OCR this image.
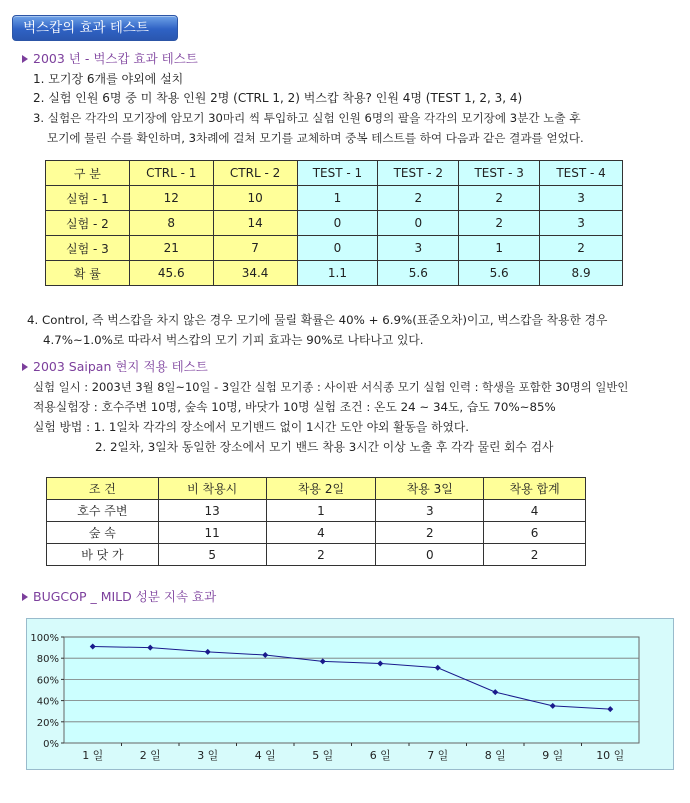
벅스캅의 효과 테스트
2003 년 - 벅스캅 효과 테스트
1. 모기장 6개를 야외에 설치
2. 실험 인원 6명 중 미 착용 인원 2명 (CTRL 1, 2) 벅스캅 착용? 인원 4명 (TEST 1, 2, 3, 4)
3. 실험은 각각의 모기장에 암모기 30마리 씩 투입하고 실험 인원 6명의 팔을 각각의 모기장에 3분간 노출 후
모기에 물린 수를 확인하며, 3차례에 걸쳐 모기를 교체하며 중복 테스트를 하여 다음과 같은 결과를 얻었다.
구 분	CTRL - 1	CTRL - 2	TEST - 1	TEST - 2	TEST - 3	TEST - 4
실험 - 1	12	10	1	2	2	3
실험 - 2	8	14	0	0	2	3
실험 - 3	21	7	0	3	1	2
확 률	45.6	34.4	1.1	5.6	5.6	8.9
4. Control, 즉 벅스캅을 차지 않은 경우 모기에 물릴 확률은 40% + 6.9%(표준오차)이고, 벅스캅을 착용한 경우
4.7%~1.0%로 따라서 벅스캅의 모기 기피 효과는 90%로 나타나고 있다.
2003 Saipan 현지 적용 테스트
실험 일시 : 2003년 3월 8일~10일 - 3일간 실험 모기종 : 사이판 서식종 모기 실험 인력 : 학생을 포함한 30명의 일반인
적용실험장 : 호수주변 10명, 숲속 10명, 바닷가 10명 실험 조건 : 온도 24 ~ 34도, 습도 70%~85%
실험 방법 : 1. 1일차 각각의 장소에서 모기밴드 없이 1시간 도안 야외 활동을 하였다.
2. 2일차, 3일차 동일한 장소에서 모기 밴드 착용 3시간 이상 노출 후 각각 물린 회수 검사
조 건	비 착용시	착용 2일	착용 3일	착용 합계
호수 주변	13	1	3	4
숲 속	11	4	2	6
바 닷 가	5	2	0	2
BUGCOP _ MILD 성분 지속 효과
100%
80%
60%
40%
20%
0%
1 일	2 일	3 일	4 일	5 일	6 일	7 일	8 일	9 일	10 일
